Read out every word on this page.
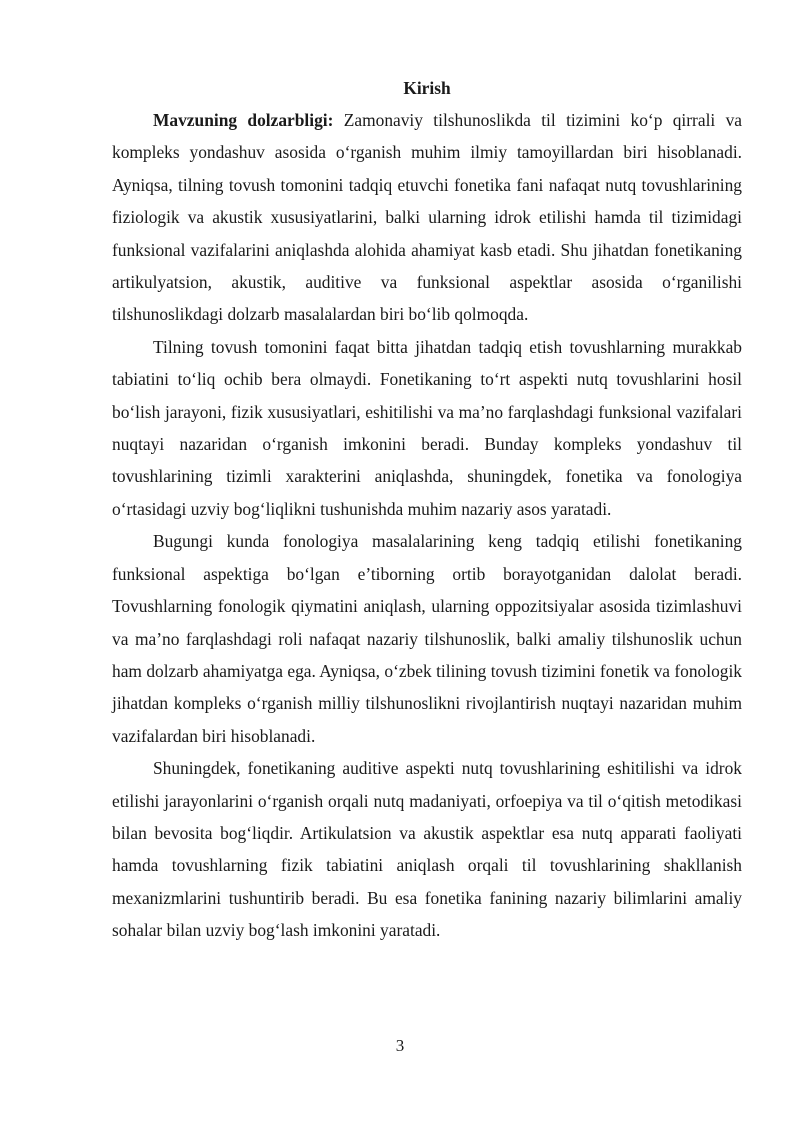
Kirish

Mavzuning dolzarbligi: Zamonaviy tilshunoslikda til tizimini ko‘p qirrali va kompleks yondashuv asosida o‘rganish muhim ilmiy tamoyillardan biri hisoblanadi. Ayniqsa, tilning tovush tomonini tadqiq etuvchi fonetika fani nafaqat nutq tovushlarining fiziologik va akustik xususiyatlarini, balki ularning idrok etilishi hamda til tizimidagi funksional vazifalarini aniqlashda alohida ahamiyat kasb etadi. Shu jihatdan fonetikaning artikulyatsion, akustik, auditive va funksional aspektlar asosida o‘rganilishi tilshunoslikdagi dolzarb masalalardan biri bo‘lib qolmoqda.

Tilning tovush tomonini faqat bitta jihatdan tadqiq etish tovushlarning murakkab tabiatini to‘liq ochib bera olmaydi. Fonetikaning to‘rt aspekti nutq tovushlarini hosil bo‘lish jarayoni, fizik xususiyatlari, eshitilishi va ma’no farqlashdagi funksional vazifalari nuqtayi nazaridan o‘rganish imkonini beradi. Bunday kompleks yondashuv til tovushlarining tizimli xarakterini aniqlashda, shuningdek, fonetika va fonologiya o‘rtasidagi uzviy bog‘liqlikni tushunishda muhim nazariy asos yaratadi.

Bugungi kunda fonologiya masalalarining keng tadqiq etilishi fonetikaning funksional aspektiga bo‘lgan e’tiborning ortib borayotganidan dalolat beradi. Tovushlarning fonologik qiymatini aniqlash, ularning oppozitsiyalar asosida tizimlashuvi va ma’no farqlashdagi roli nafaqat nazariy tilshunoslik, balki amaliy tilshunoslik uchun ham dolzarb ahamiyatga ega. Ayniqsa, o‘zbek tilining tovush tizimini fonetik va fonologik jihatdan kompleks o‘rganish milliy tilshunoslikni rivojlantirish nuqtayi nazaridan muhim vazifalardan biri hisoblanadi.

Shuningdek, fonetikaning auditive aspekti nutq tovushlarining eshitilishi va idrok etilishi jarayonlarini o‘rganish orqali nutq madaniyati, orfoepiya va til o‘qitish metodikasi bilan bevosita bog‘liqdir. Artikulatsion va akustik aspektlar esa nutq apparati faoliyati hamda tovushlarning fizik tabiatini aniqlash orqali til tovushlarining shakllanish mexanizmlarini tushuntirib beradi. Bu esa fonetika fanining nazariy bilimlarini amaliy sohalar bilan uzviy bog‘lash imkonini yaratadi.

3
